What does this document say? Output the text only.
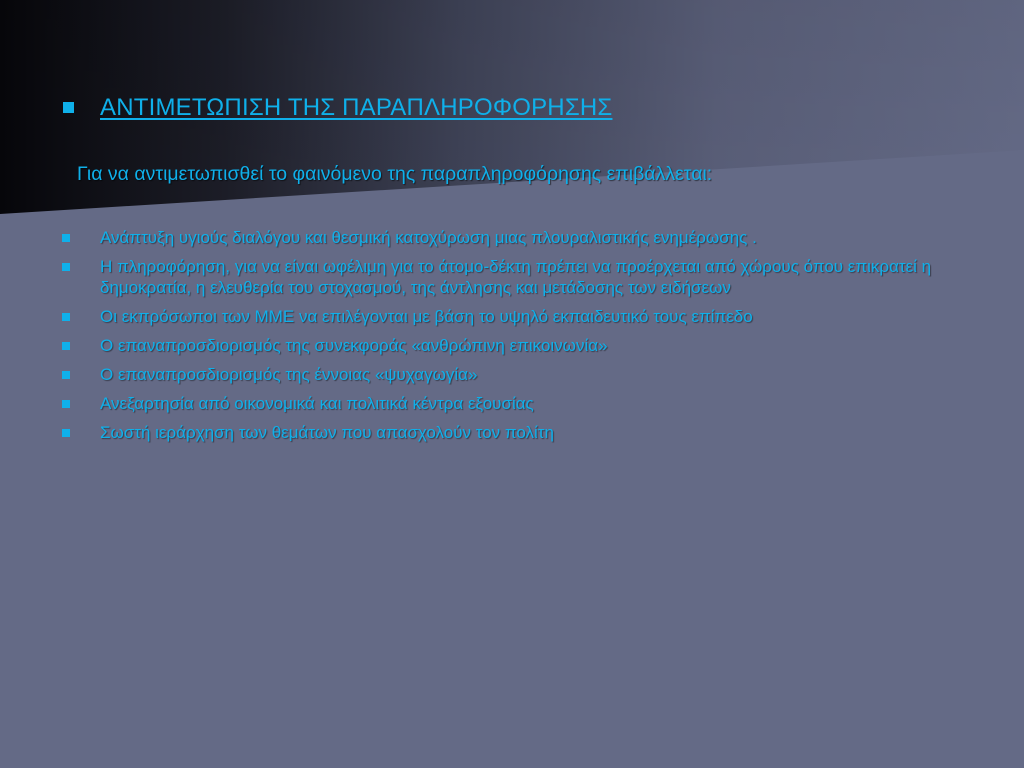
ΑΝΤΙΜΕΤΩΠΙΣΗ ΤΗΣ ΠΑΡΑΠΛΗΡΟΦΟΡΗΣΗΣ
Για να αντιμετωπισθεί το φαινόμενο της παραπληροφόρησης επιβάλλεται:
Ανάπτυξη υγιούς διαλόγου και θεσμική κατοχύρωση μιας πλουραλιστικής ενημέρωσης .
Η πληροφόρηση, για να είναι ωφέλιμη για το άτομο-δέκτη πρέπει να προέρχεται από χώρους όπου επικρατεί η δημοκρατία, η ελευθερία του στοχασμού, της άντλησης και μετάδοσης των ειδήσεων
Οι εκπρόσωποι των ΜΜΕ να επιλέγονται με βάση το υψηλό εκπαιδευτικό τους επίπεδο
Ο επαναπροσδιορισμός της συνεκφοράς «ανθρώπινη επικοινωνία»
Ο επαναπροσδιορισμός της έννοιας «ψυχαγωγία»
Ανεξαρτησία από οικονομικά και πολιτικά κέντρα εξουσίας
Σωστή ιεράρχηση των θεμάτων που απασχολούν τον πολίτη
